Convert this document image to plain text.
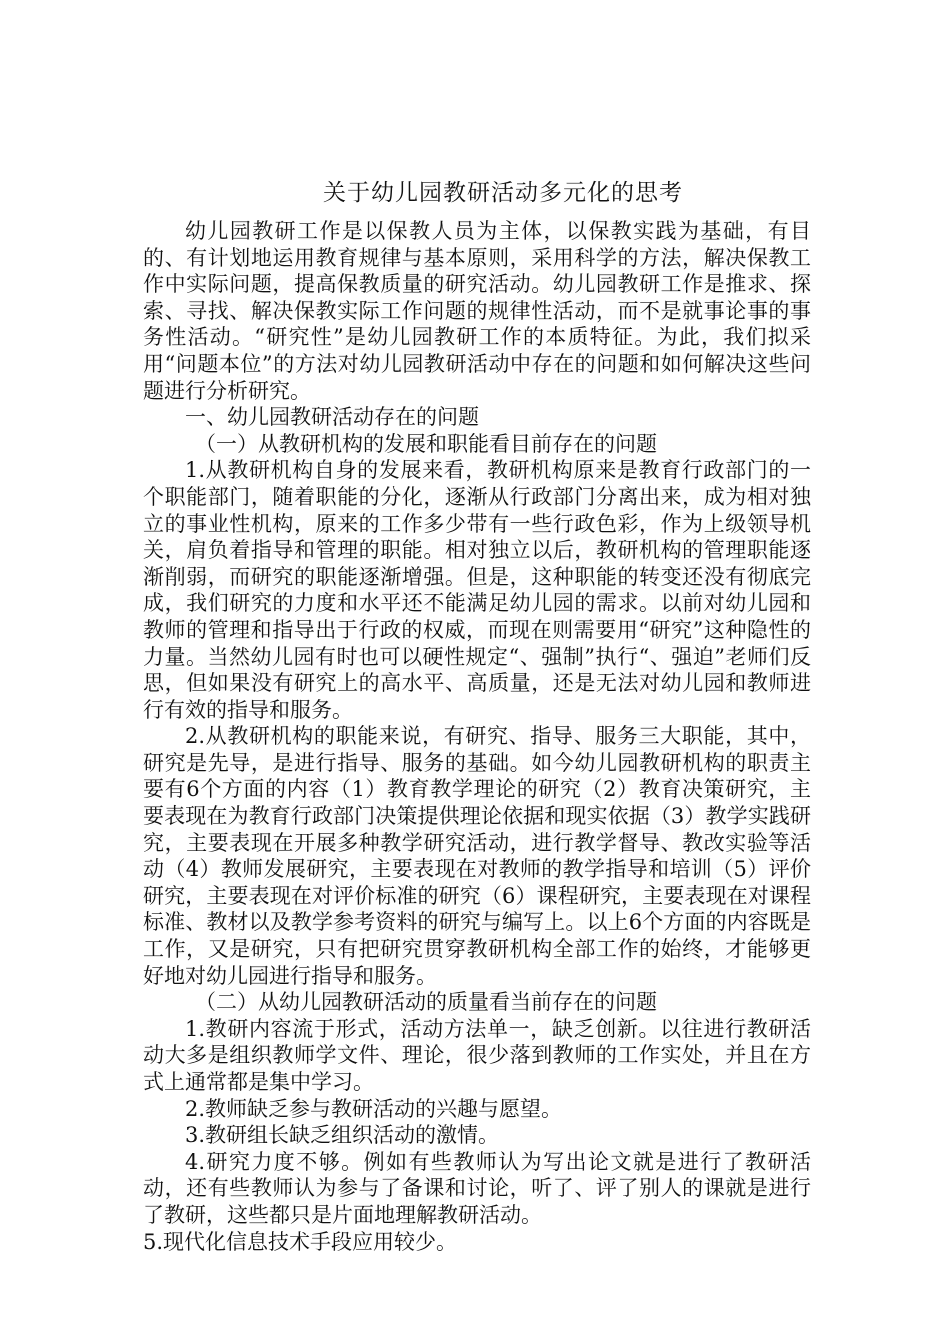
关于幼儿园教研活动多元化的思考

幼儿园教研工作是以保教人员为主体，以保教实践为基础，有目的、有计划地运用教育规律与基本原则，采用科学的方法，解决保教工作中实际问题，提高保教质量的研究活动。幼儿园教研工作是推求、探索、寻找、解决保教实际工作问题的规律性活动，而不是就事论事的事务性活动。“研究性”是幼儿园教研工作的本质特征。为此，我们拟采用“问题本位”的方法对幼儿园教研活动中存在的问题和如何解决这些问题进行分析研究。

一、幼儿园教研活动存在的问题

（一）从教研机构的发展和职能看目前存在的问题

1.从教研机构自身的发展来看，教研机构原来是教育行政部门的一个职能部门，随着职能的分化，逐渐从行政部门分离出来，成为相对独立的事业性机构，原来的工作多少带有一些行政色彩，作为上级领导机关，肩负着指导和管理的职能。相对独立以后，教研机构的管理职能逐渐削弱，而研究的职能逐渐增强。但是，这种职能的转变还没有彻底完成，我们研究的力度和水平还不能满足幼儿园的需求。以前对幼儿园和教师的管理和指导出于行政的权威，而现在则需要用“研究”这种隐性的力量。当然幼儿园有时也可以硬性规定“、强制”执行“、强迫”老师们反思，但如果没有研究上的高水平、高质量，还是无法对幼儿园和教师进行有效的指导和服务。

2.从教研机构的职能来说，有研究、指导、服务三大职能，其中，研究是先导，是进行指导、服务的基础。如今幼儿园教研机构的职责主要有6个方面的内容（1）教育教学理论的研究（2）教育决策研究，主要表现在为教育行政部门决策提供理论依据和现实依据（3）教学实践研究，主要表现在开展多种教学研究活动，进行教学督导、教改实验等活动（4）教师发展研究，主要表现在对教师的教学指导和培训（5）评价研究，主要表现在对评价标准的研究（6）课程研究，主要表现在对课程标准、教材以及教学参考资料的研究与编写上。以上6个方面的内容既是工作，又是研究，只有把研究贯穿教研机构全部工作的始终，才能够更好地对幼儿园进行指导和服务。

（二）从幼儿园教研活动的质量看当前存在的问题

1.教研内容流于形式，活动方法单一，缺乏创新。以往进行教研活动大多是组织教师学文件、理论，很少落到教师的工作实处，并且在方式上通常都是集中学习。

2.教师缺乏参与教研活动的兴趣与愿望。

3.教研组长缺乏组织活动的激情。

4.研究力度不够。例如有些教师认为写出论文就是进行了教研活动，还有些教师认为参与了备课和讨论，听了、评了别人的课就是进行了教研，这些都只是片面地理解教研活动。

5.现代化信息技术手段应用较少。
